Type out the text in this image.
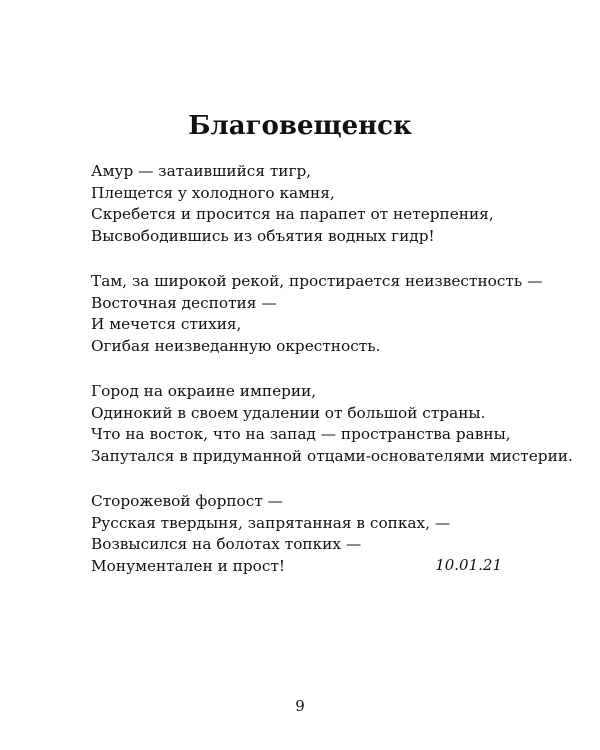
Благовещенск
Амур — затаившийся тигр,
Плещется у холодного камня,
Скребется и просится на парапет от нетерпения,
Высвободившись из объятия водных гидр!
Там, за широкой рекой, простирается неизвестность —
Восточная деспотия —
И мечется стихия,
Огибая неизведанную окрестность.
Город на окраине империи,
Одинокий в своем удалении от большой страны.
Что на восток, что на запад — пространства равны,
Запутался в придуманной отцами-основателями мистерии.
Сторожевой форпост —
Русская твердыня, запрятанная в сопках, —
Возвысился на болотах топких —
Монументален и прост!	10.01.21
9
